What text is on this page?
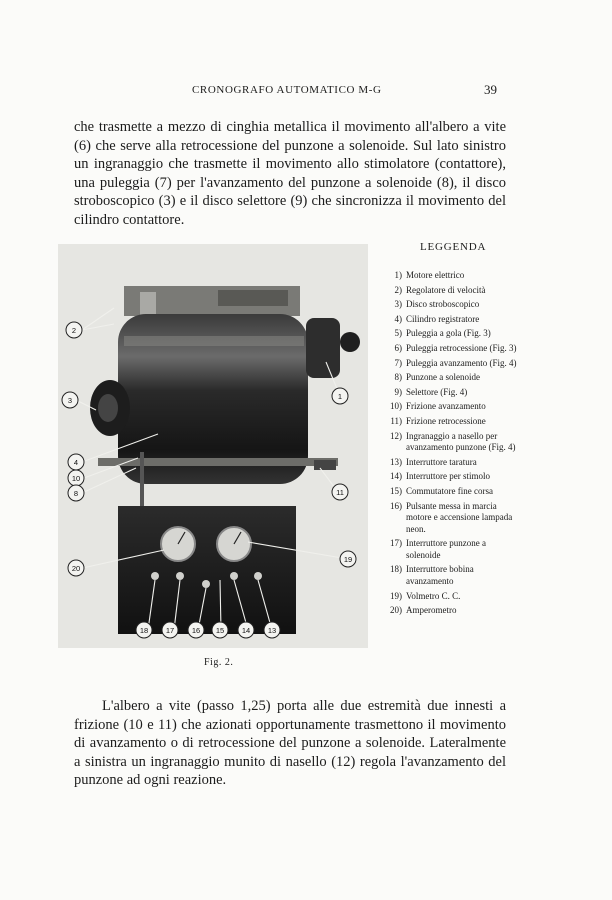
CRONOGRAFO AUTOMATICO M-G	39
che trasmette a mezzo di cinghia metallica il movimento all'albero a vite (6) che serve alla retrocessione del punzone a solenoide. Sul lato sinistro un ingranaggio che trasmette il movimento allo stimolatore (contattore), una puleggia (7) per l'avanzamento del punzone a solenoide (8), il disco stroboscopico (3) e il disco selettore (9) che sincronizza il movimento del cilindro contattore.
2
1
3
4
10
8	11
20
19
18 17 16 15 14 13
Fig. 2.
LEGGENDA
1) Motore elettrico
2) Regolatore di velocità
3) Disco stroboscopico
4) Cilindro registratore
5) Puleggia a gola (Fig. 3)
6) Puleggia retrocessione (Fig. 3)
7) Puleggia avanzamento (Fig. 4)
8) Punzone a solenoide
9) Selettore (Fig. 4)
10) Frizione avanzamento
11) Frizione retrocessione
12) Ingranaggio a nasello per avanzamento punzone (Fig. 4)
13) Interruttore taratura
14) Interruttore per stimolo
15) Commutatore fine corsa
16) Pulsante messa in marcia motore e accensione lampada neon.
17) Interruttore punzone a solenoide
18) Interruttore bobina avanzamento
19) Volmetro C. C.
20) Amperometro
L'albero a vite (passo 1,25) porta alle due estremità due innesti a frizione (10 e 11) che azionati opportunamente trasmettono il movimento di avanzamento o di retrocessione del punzone a solenoide. Lateralmente a sinistra un ingranaggio munito di nasello (12) regola l'avanzamento del punzone ad ogni reazione.
